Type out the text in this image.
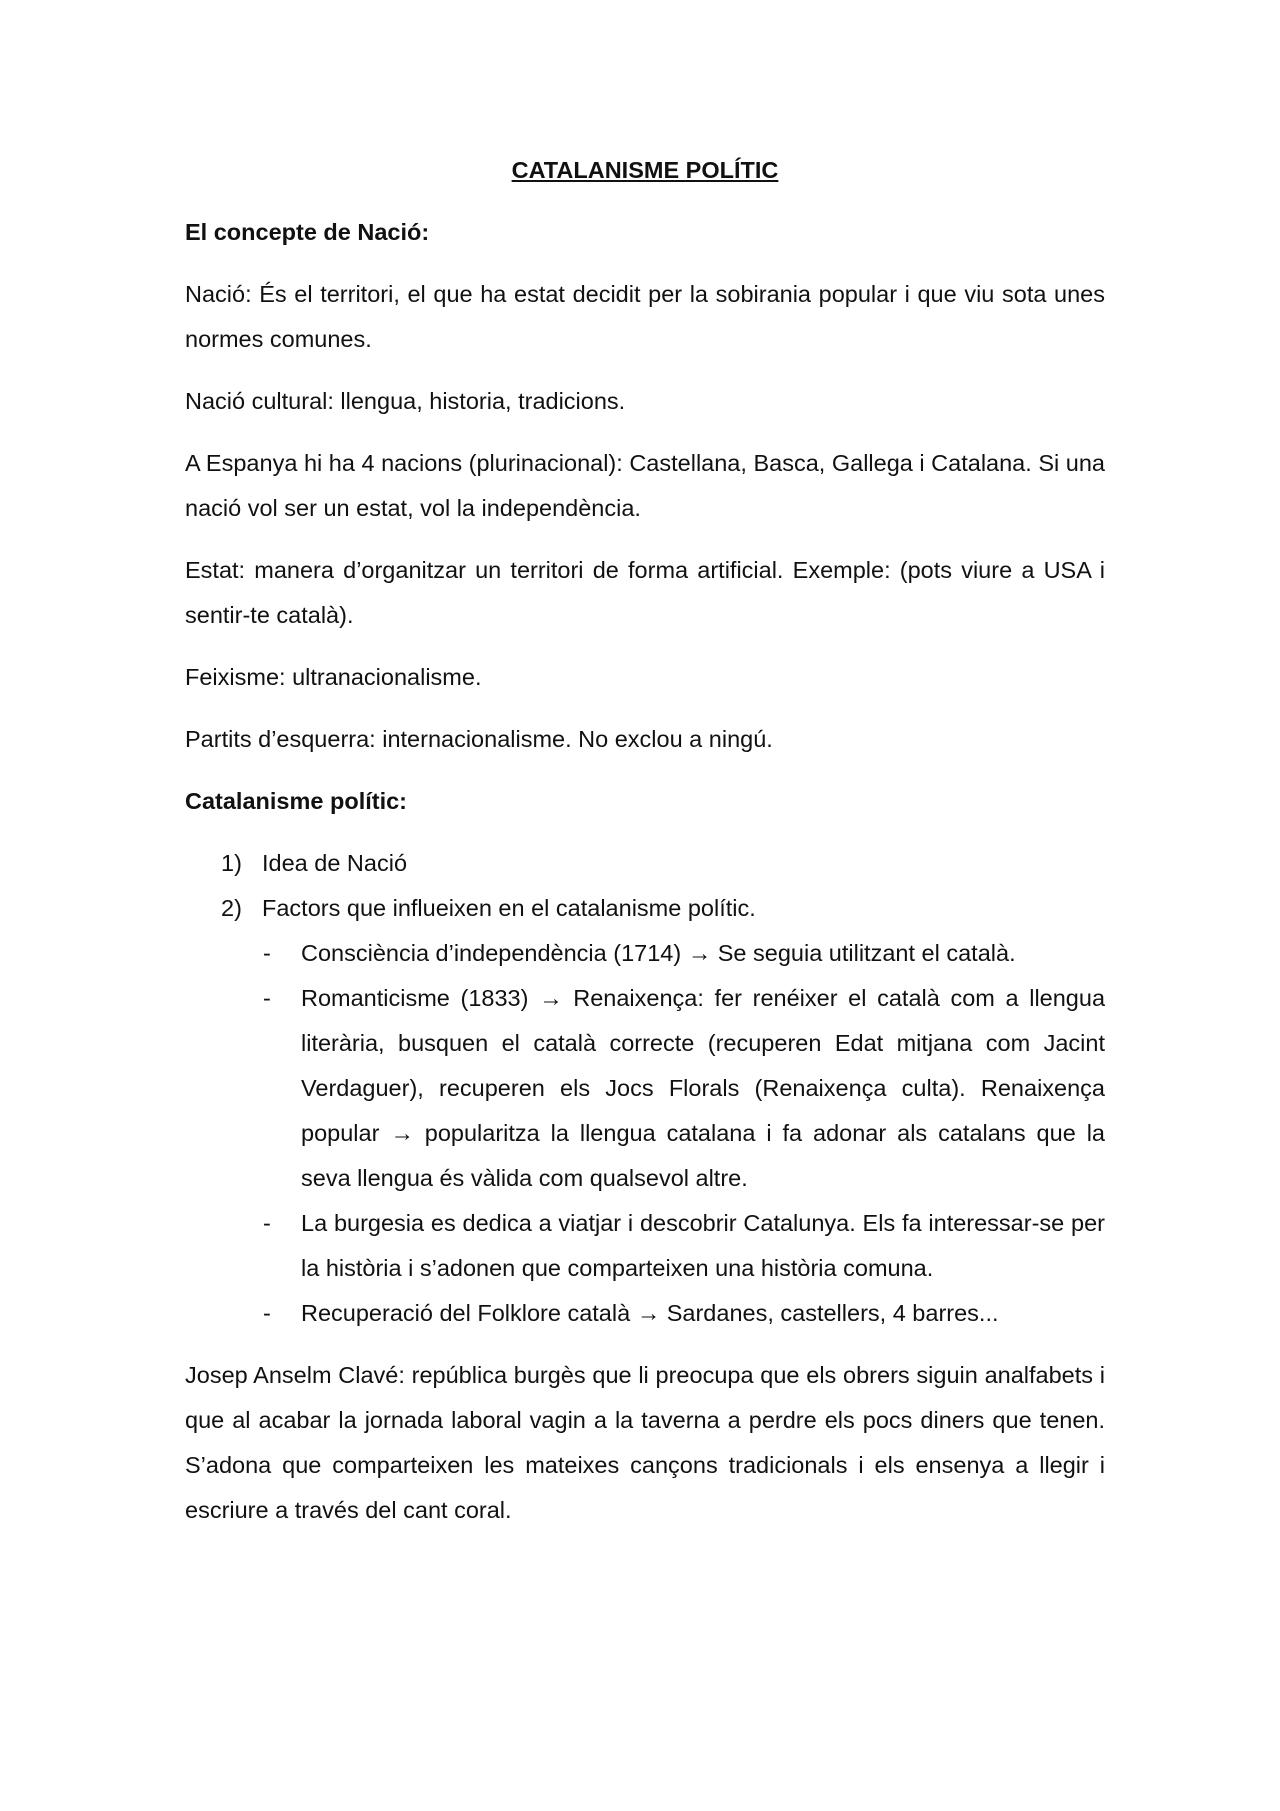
CATALANISME POLÍTIC
El concepte de Nació:
Nació: És el territori, el que ha estat decidit per la sobirania popular i que viu sota unes normes comunes.
Nació cultural: llengua, historia, tradicions.
A Espanya hi ha 4 nacions (plurinacional): Castellana, Basca, Gallega i Catalana. Si una nació vol ser un estat, vol la independència.
Estat: manera d’organitzar un territori de forma artificial. Exemple: (pots viure a USA i sentir-te català).
Feixisme: ultranacionalisme.
Partits d’esquerra: internacionalisme. No exclou a ningú.
Catalanisme polític:
1) Idea de Nació
2) Factors que influeixen en el catalanisme polític.
- Consciència d’independència (1714) → Se seguia utilitzant el català.
- Romanticisme (1833) → Renaixença: fer renéixer el català com a llengua literària, busquen el català correcte (recuperen Edat mitjana com Jacint Verdaguer), recuperen els Jocs Florals (Renaixença culta). Renaixença popular → popularitza la llengua catalana i fa adonar als catalans que la seva llengua és vàlida com qualsevol altre.
- La burgesia es dedica a viatjar i descobrir Catalunya. Els fa interessar-se per la història i s’adonen que comparteixen una història comuna.
- Recuperació del Folklore català → Sardanes, castellers, 4 barres...
Josep Anselm Clavé: república burgès que li preocupa que els obrers siguin analfabets i que al acabar la jornada laboral vagin a la taverna a perdre els pocs diners que tenen. S’adona que comparteixen les mateixes cançons tradicionals i els ensenya a llegir i escriure a través del cant coral.
